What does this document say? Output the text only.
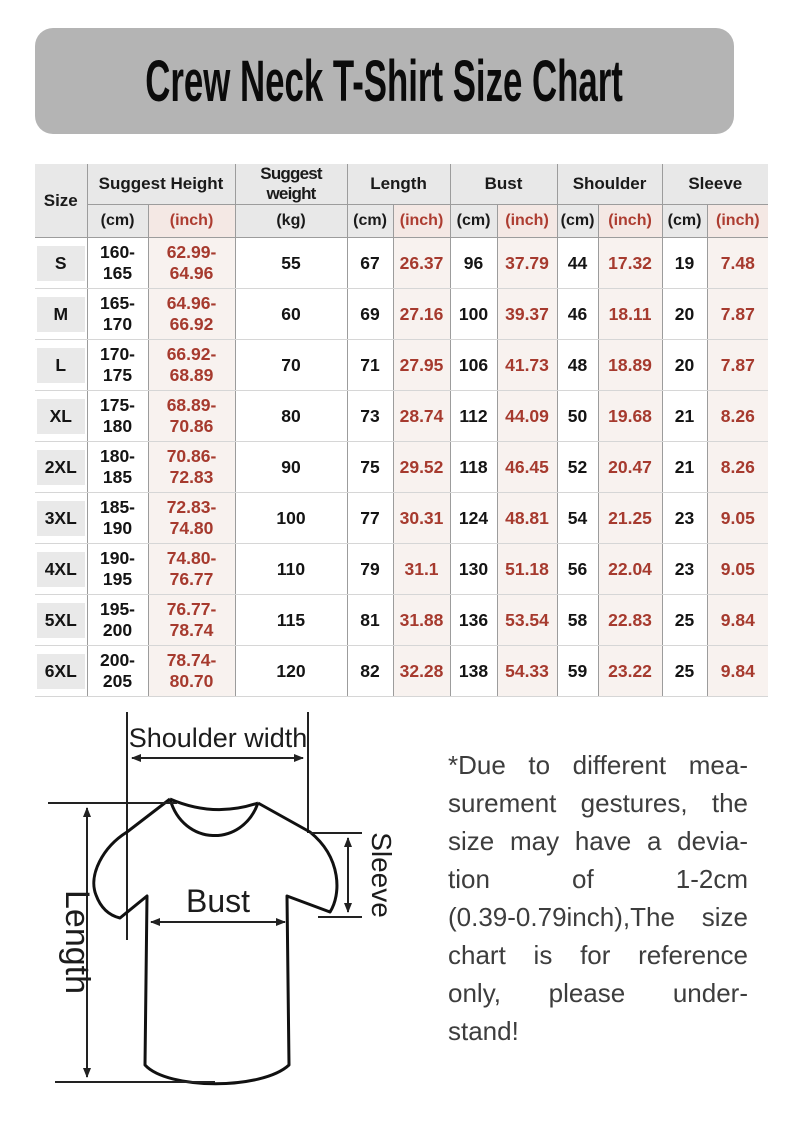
Crew Neck T-Shirt Size Chart
Size	Suggest Height		Suggest weight	Length		Bust		Shoulder		Sleeve	
	(cm)	(inch)	(kg)	(cm)	(inch)	(cm)	(inch)	(cm)	(inch)	(cm)	(inch)

S	160-165	62.99-64.96	55	67	26.37	96	37.79	44	17.32	19	7.48

M	165-170	64.96-66.92	60	69	27.16	100	39.37	46	18.11	20	7.87

L	170-175	66.92-68.89	70	71	27.95	106	41.73	48	18.89	20	7.87

XL	175-180	68.89-70.86	80	73	28.74	112	44.09	50	19.68	21	8.26

2XL	180-185	70.86-72.83	90	75	29.52	118	46.45	52	20.47	21	8.26

3XL	185-190	72.83-74.80	100	77	30.31	124	48.81	54	21.25	23	9.05

4XL	190-195	74.80-76.77	110	79	31.1	130	51.18	56	22.04	23	9.05

5XL	195-200	76.77-78.74	115	81	31.88	136	53.54	58	22.83	25	9.84

6XL	200-205	78.74-80.70	120	82	32.28	138	54.33	59	23.22	25	9.84
Shoulder width
Length	Bust	Sleeve
*Due to different mea-
surement gestures, the
size may have a devia-
tion of 1-2cm
(0.39-0.79inch),The size
chart is for reference
only, please under-
stand!
